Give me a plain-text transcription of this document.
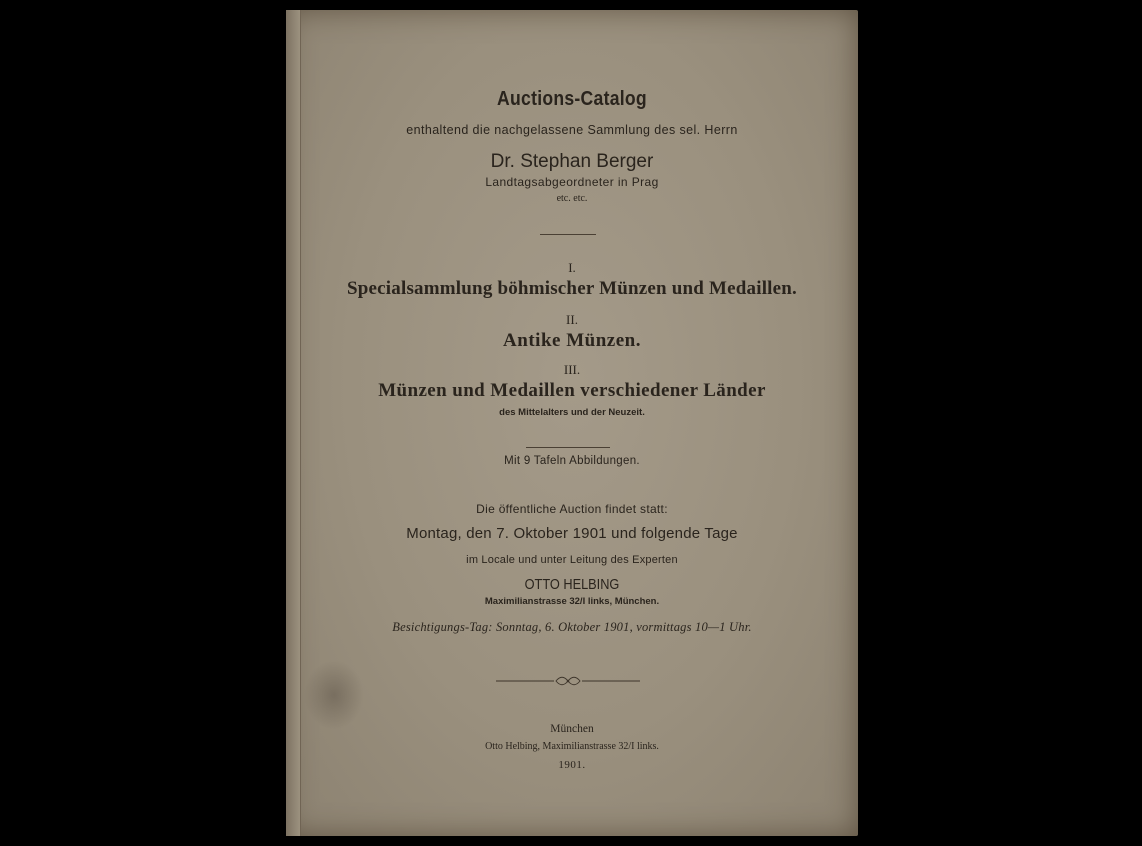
Auctions-Catalog
enthaltend die nachgelassene Sammlung des sel. Herrn
Dr. Stephan Berger
Landtagsabgeordneter in Prag
etc. etc.
I.
Specialsammlung böhmischer Münzen und Medaillen.
II.
Antike Münzen.
III.
Münzen und Medaillen verschiedener Länder
des Mittelalters und der Neuzeit.
Mit 9 Tafeln Abbildungen.
Die öffentliche Auction findet statt:
Montag, den 7. Oktober 1901 und folgende Tage
im Locale und unter Leitung des Experten
OTTO HELBING
Maximilianstrasse 32/I links, München.
Besichtigungs-Tag: Sonntag, 6. Oktober 1901, vormittags 10—1 Uhr.
München
Otto Helbing, Maximilianstrasse 32/I links.
1901.
